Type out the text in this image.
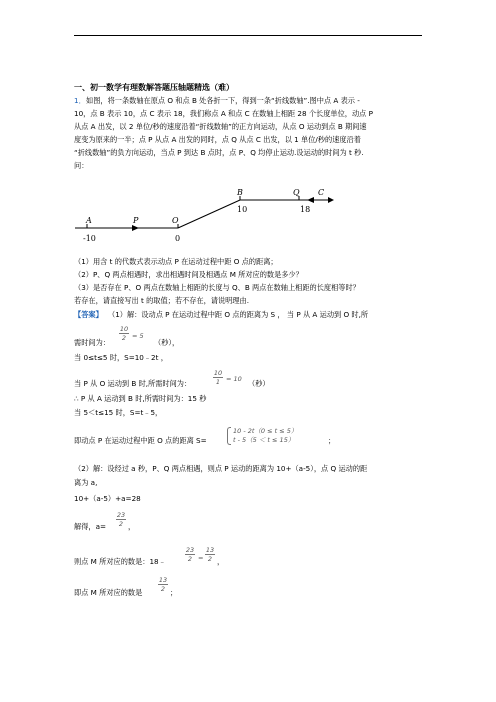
一、初一数学有理数解答题压轴题精选（难）
1． 如图，将一条数轴在原点 O 和点 B 处各折一下，得到一条“折线数轴”.图中点 A 表示 -
10，点 B 表示 10，点 C 表示 18，我们称点 A 和点 C 在数轴上相距 28 个长度单位，动点 P
从点 A 出发，以 2 单位/秒的速度沿着“折线数轴”的正方向运动，从点 O 运动到点 B 期间速
度变为原来的一半；点 P 从点 A 出发的同时，点 Q 从点 C 出发，以 1 单位/秒的速度沿着
“折线数轴”的负方向运动，当点 P 到达 B 点时，点 P、Q 均停止运动.设运动的时间为 t 秒.
问：
A
-10
P	O
0
B
10
Q C
18
（1）用含 t 的代数式表示动点 P 在运动过程中距 O 点的距离；
（2）P、Q 两点相遇时，求出相遇时间及相遇点 M 所对应的数是多少？
（3）是否存在 P、O 两点在数轴上相距的长度与 Q、B 两点在数轴上相距的长度相等时？
若存在，请直接写出 t 的取值；若不存在，请说明理由.
【答案】 （1）解：设动点 P 在运动过程中距 O 点的距离为 S ， 当 P 从 A 运动到 O 时,所
需时间为：
$\frac{10}{2} = 5$
（秒），
当 0≤t≤5 时，S=10﹣2t ，
当 P 从 O 运动到 B 时,所需时间为：	$\frac{10}{1} = 10$ （秒）
∴ P 从 A 运动到 B 时,所需时间为：15 秒
当 5＜t≤15 时，S=t﹣5，
即动点 P 在运动过程中距 O 点的距离 S=
10 - 2t（0 ≤ t ≤ 5）
t - 5（5 ＜ t ≤ 15）	；
（2）解：设经过 a 秒，P、Q 两点相遇，则点 P 运动的距离为 10+（a-5），点 Q 运动的距
离为 a,
10+（a-5）+a=28
解得，$a= \frac{23}{2}$ ，
则点 M 所对应的数是：18﹣	$\frac{23}{2} = \frac{13}{2}$ ，
即点 M 所对应的数是 $\frac{13}{2}$ ；
